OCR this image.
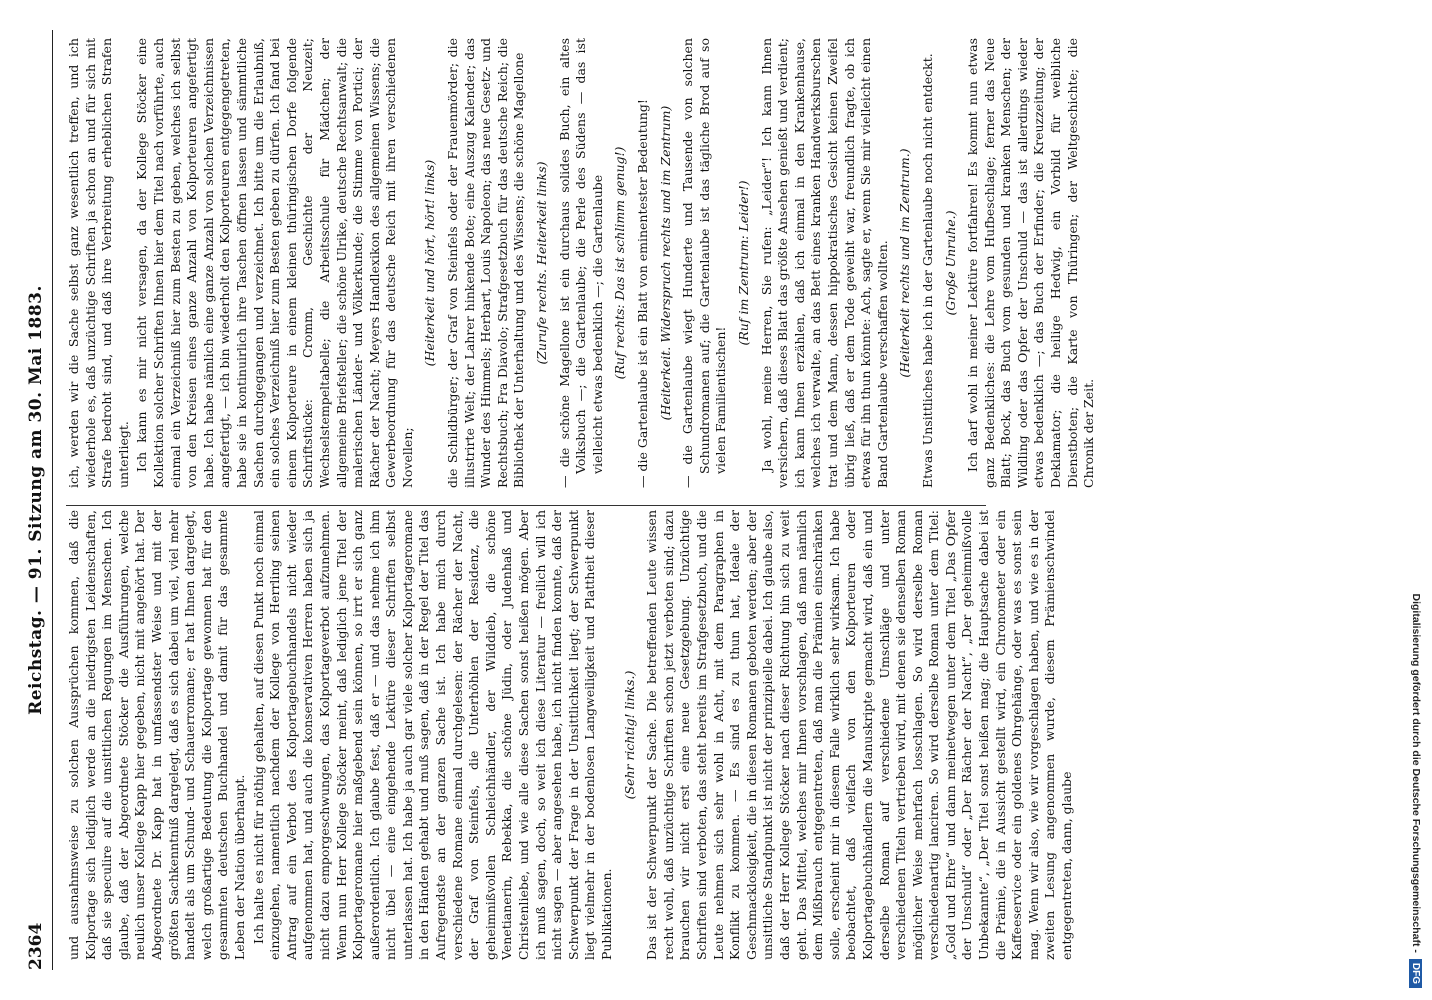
2364
Reichstag. — 91. Sitzung am 30. Mai 1883.

und ausnahmsweise zu solchen Aussprüchen kommen, daß die Kolportage sich lediglich werde an die niedrigsten Leidenschaften, daß sie speculire auf die unsittlichen Regungen im Menschen. Ich glaube, daß der Abgeordnete Stöcker die Ausführungen, welche neulich unser Kollege Kapp hier gegeben, nicht mit angehört hat. Der Abgeordnete Dr. Kapp hat in umfassendster Weise und mit der größten Sachkenntniß dargelegt, daß es sich dabei um viel, viel mehr handelt als um Schund- und Schauerromane; er hat Ihnen dargelegt, welch großartige Bedeutung die Kolportage gewonnen hat für den gesammten deutschen Buchhandel und damit für das gesammte Leben der Nation überhaupt. Ich halte es nicht für nöthig gehalten, auf diesen Punkt noch einmal einzugehen, namentlich nachdem der Kollege von Herrling seinen Antrag auf ein Verbot des Kolportagebuchhandels nicht wieder aufgenommen hat, und auch die konservativen Herren haben sich ja nicht dazu emporgeschwungen, das Kolportageverbot aufzunehmen. Wenn nun Herr Kollege Stöcker meint, daß lediglich jene Titel der Kolportageromane hier maßgebend sein können, so irrt er sich ganz außerordentlich. Ich glaube fest, daß er — und das nehme ich ihm nicht übel — eine eingehende Lektüre dieser Schriften selbst unterlassen hat. Ich habe ja auch gar viele solcher Kolportageromane in den Händen gehabt und muß sagen, daß in der Regel der Titel das Aufregendste an der ganzen Sache ist. Ich habe mich durch verschiedene Romane einmal durchgelesen: der Rächer der Nacht, der Graf von Steinfels, die Unterhöhlen der Residenz, die geheimnißvollen Schleichhändler, der Wilddieb, die schöne Venetianerin, Rebekka, die schöne Jüdin, oder Judenhaß und Christenliebe, und wie alle diese Sachen sonst heißen mögen. Aber ich muß sagen, doch, so weit ich diese Literatur — freilich will ich nicht sagen — aber angesehen habe, ich nicht finden konnte, daß der Schwerpunkt der Frage in der Unsittlichkeit liegt; der Schwerpunkt liegt vielmehr in der bodenlosen Langweiligkeit und Plattheit dieser Publikationen.

(Sehr richtig! links.) Das ist der Schwerpunkt der Sache. Die betreffenden Leute wissen recht wohl, daß unzüchtige Schriften schon jetzt verboten sind; dazu brauchen wir nicht erst eine neue Gesetzgebung. Unzüchtige Schriften sind verboten, das steht bereits im Strafgesetzbuch, und die Leute nehmen sich sehr wohl in Acht, mit dem Paragraphen in Konflikt zu kommen. — Es sind es zu thun hat, Ideale der Geschmacklosigkeit, die in diesen Romanen geboten werden; aber der unsittliche Standpunkt ist nicht der prinzipielle dabei. Ich glaube also, daß der Herr Kollege Stöcker nach dieser Richtung hin sich zu weit geht. Das Mittel, welches mir Ihnen vorschlagen, daß man nämlich dem Mißbrauch entgegentreten, daß man die Prämien einschränken solle, erscheint mir in diesem Falle wirklich sehr wirksam. Ich habe beobachtet, daß vielfach von den Kolporteuren oder Kolportagebuchhändlern die Manuskripte gemacht wird, daß ein und derselbe Roman auf verschiedene Umschläge und unter verschiedenen Titeln vertrieben wird, mit denen sie denselben Roman möglicher Weise mehrfach losschlagen. So wird derselbe Roman verschiedenartig lanciren. So wird derselbe Roman unter dem Titel: „Gold und Ehre“ und dann meinetwegen unter dem Titel „Das Opfer der Unschuld“ oder „Der Rächer der Nacht“, „Der geheimnißvolle Unbekannte“, „Der Titel sonst heißen mag; die Hauptsache dabei ist die Prämie, die in Aussicht gestellt wird, ein Chronometer oder ein Kaffeeservice oder ein goldenes Ohrgehänge, oder was es sonst sein mag. Wenn wir also, wie wir vorgeschlagen haben, und wie es in der zweiten Lesung angenommen wurde, diesem Prämienschwindel entgegentreten, dann, glaube

ich, werden wir die Sache selbst ganz wesentlich treffen, und ich wiederhole es, daß unzüchtige Schriften ja schon an und für sich mit Strafe bedroht sind, und daß ihre Verbreitung erheblichen Strafen unterliegt. Ich kann es mir nicht versagen, da der Kollege Stöcker eine Kollektion solcher Schriften Ihnen hier dem Titel nach vorführte, auch einmal ein Verzeichniß hier zum Besten zu geben, welches ich selbst von den Kreisen eines ganze Anzahl von Kolporteuren angefertigt habe. Ich habe nämlich eine ganze Anzahl von solchen Verzeichnissen angefertigt, — ich bin wiederholt den Kolporteuren entgegengetreten, habe sie in kontinuirlich ihre Taschen öffnen lassen und sämmtliche Sachen durchgegangen und verzeichnet. Ich bitte um die Erlaubniß, ein solches Verzeichniß hier zum Besten geben zu dürfen. Ich fand bei einem Kolporteure in einem kleinen thüringischen Dorfe folgende Schriftstücke: Cromm, Geschichte der Neuzeit; Wechselstempeltabelle; die Arbeitsschule für Mädchen; der allgemeine Briefsteller; die schöne Ulrike, deutsche Rechtsanwalt; die malerischen Länder- und Völkerkunde; die Stimme von Portici; der Rächer der Nacht; Meyers Handlexikon des allgemeinen Wissens; die Gewerbeordnung für das deutsche Reich mit ihren verschiedenen Novellen;

(Heiterkeit und hört, hört! links) die Schildbürger; der Graf von Steinfels oder der Frauenmörder; die illustrirte Welt; der Lahrer hinkende Bote; eine Auszug Kalender; das Wunder des Himmels; Herbart, Louis Napoleon; das neue Gesetz- und Rechtsbuch; Fra Diavolo; Strafgesetzbuch für das deutsche Reich; die Bibliothek der Unterhaltung und des Wissens; die schöne Magellone (Zurufe rechts. Heiterkeit links) — die schöne Magellone ist ein durchaus solides Buch, ein altes Volksbuch —; die Gartenlaube; die Perle des Südens — das ist vielleicht etwas bedenklich —; die Gartenlaube (Ruf rechts: Das ist schlimm genug!) — die Gartenlaube ist ein Blatt von eminentester Bedeutung! (Heiterkeit. Widerspruch rechts und im Zentrum) — die Gartenlaube wiegt Hunderte und Tausende von solchen Schundromanen auf; die Gartenlaube ist das tägliche Brod auf so vielen Familientischen!

(Ruf im Zentrum: Leider!) Ja wohl, meine Herren, Sie rufen: „Leider“! Ich kann Ihnen versichern, daß dieses Blatt das größte Ansehen genießt und verdient; ich kann Ihnen erzählen, daß ich einmal in den Krankenhause, welches ich verwalte, an das Bett eines kranken Handwerksburschen trat und dem Mann, dessen hippokratisches Gesicht keinen Zweifel übrig ließ, daß er dem Tode geweiht war, freundlich fragte, ob ich etwas für ihn thun könnte: Ach, sagte er, wenn Sie mir vielleicht einen Band Gartenlaube verschaffen wollten. (Heiterkeit rechts und im Zentrum.) Etwas Unsittliches habe ich in der Gartenlaube noch nicht entdeckt. (Große Unruhe.) Ich darf wohl in meiner Lektüre fortfahren! Es kommt nun etwas ganz Bedenkliches: die Lehre vom Hufbeschlage; ferner das Neue Blatt; Bock, das Buch vom gesunden und kranken Menschen; der Wildling oder das Opfer der Unschuld — das ist allerdings wieder etwas bedenklich —; das Buch der Erfinder; die Kreuzzeitung; der Deklamator; die heilige Hedwig, ein Vorbild für weibliche Dienstboten; die Karte von Thüringen; der Weltgeschichte; die Chronik der Zeit.

Digitalisierung gefördert durch die Deutsche Forschungsgemeinschaft -
DFG
